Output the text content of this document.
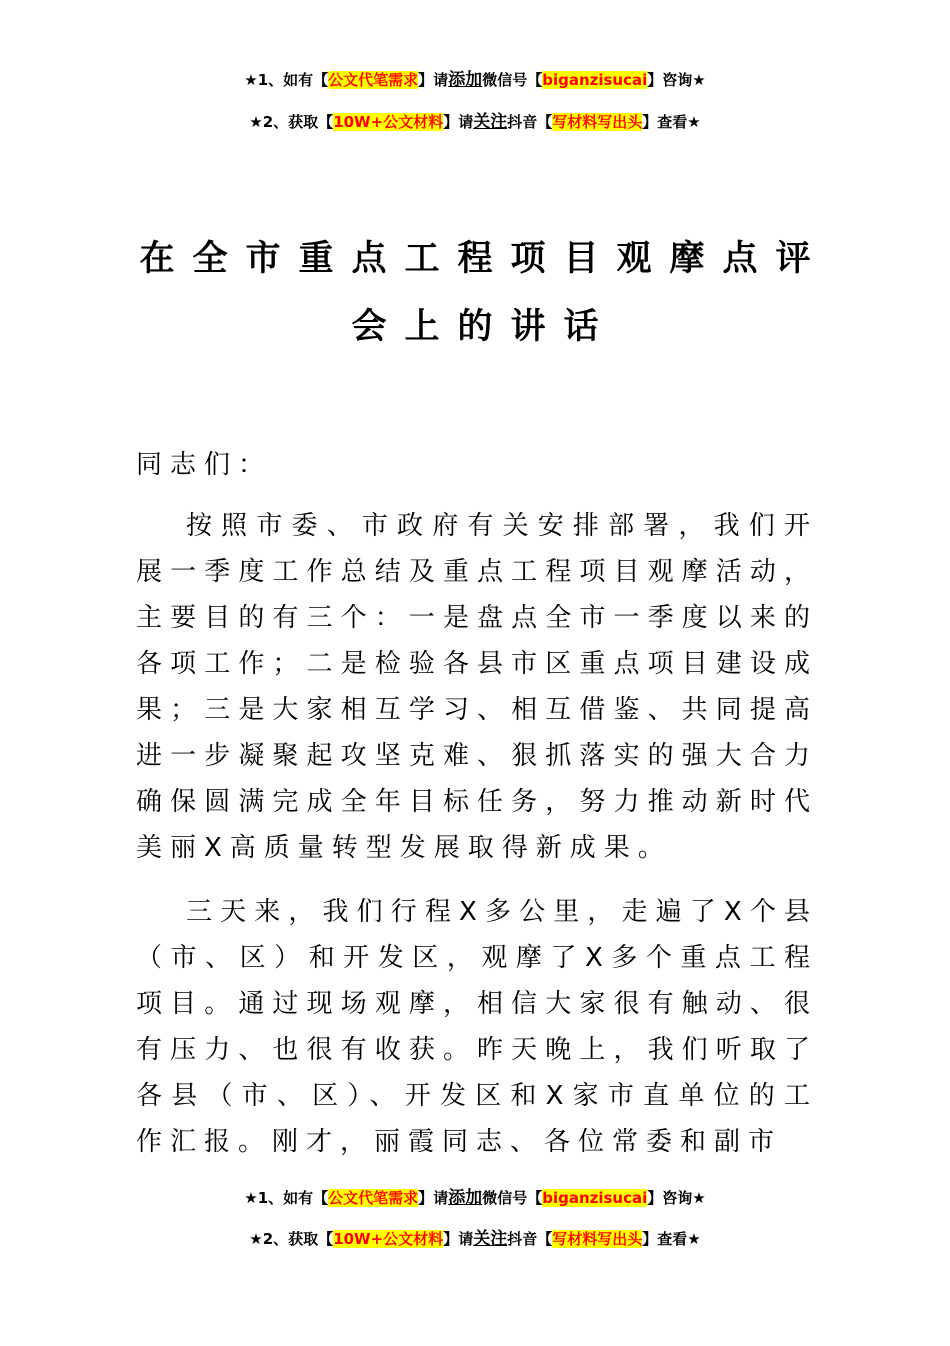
★1、如有【公文代笔需求】请添加微信号【biganzisucai】咨询★
★2、获取【10W+公文材料】请关注抖音【写材料写出头】查看★
在全市重点工程项目观摩点评
会上的讲话
同志们：
按照市委、市政府有关安排部署，我们开展一季度工作总结及重点工程项目观摩活动，主要目的有三个：一是盘点全市一季度以来的各项工作；二是检验各县市区重点项目建设成果；三是大家相互学习、相互借鉴、共同提高进一步凝聚起攻坚克难、狠抓落实的强大合力确保圆满完成全年目标任务，努力推动新时代美丽X高质量转型发展取得新成果。
三天来，我们行程X多公里，走遍了X个县（市、区）和开发区，观摩了X多个重点工程项目。通过现场观摩，相信大家很有触动、很有压力、也很有收获。昨天晚上，我们听取了各县（市、区）、开发区和X家市直单位的工作汇报。刚才，丽霞同志、各位常委和副市
★1、如有【公文代笔需求】请添加微信号【biganzisucai】咨询★
★2、获取【10W+公文材料】请关注抖音【写材料写出头】查看★
